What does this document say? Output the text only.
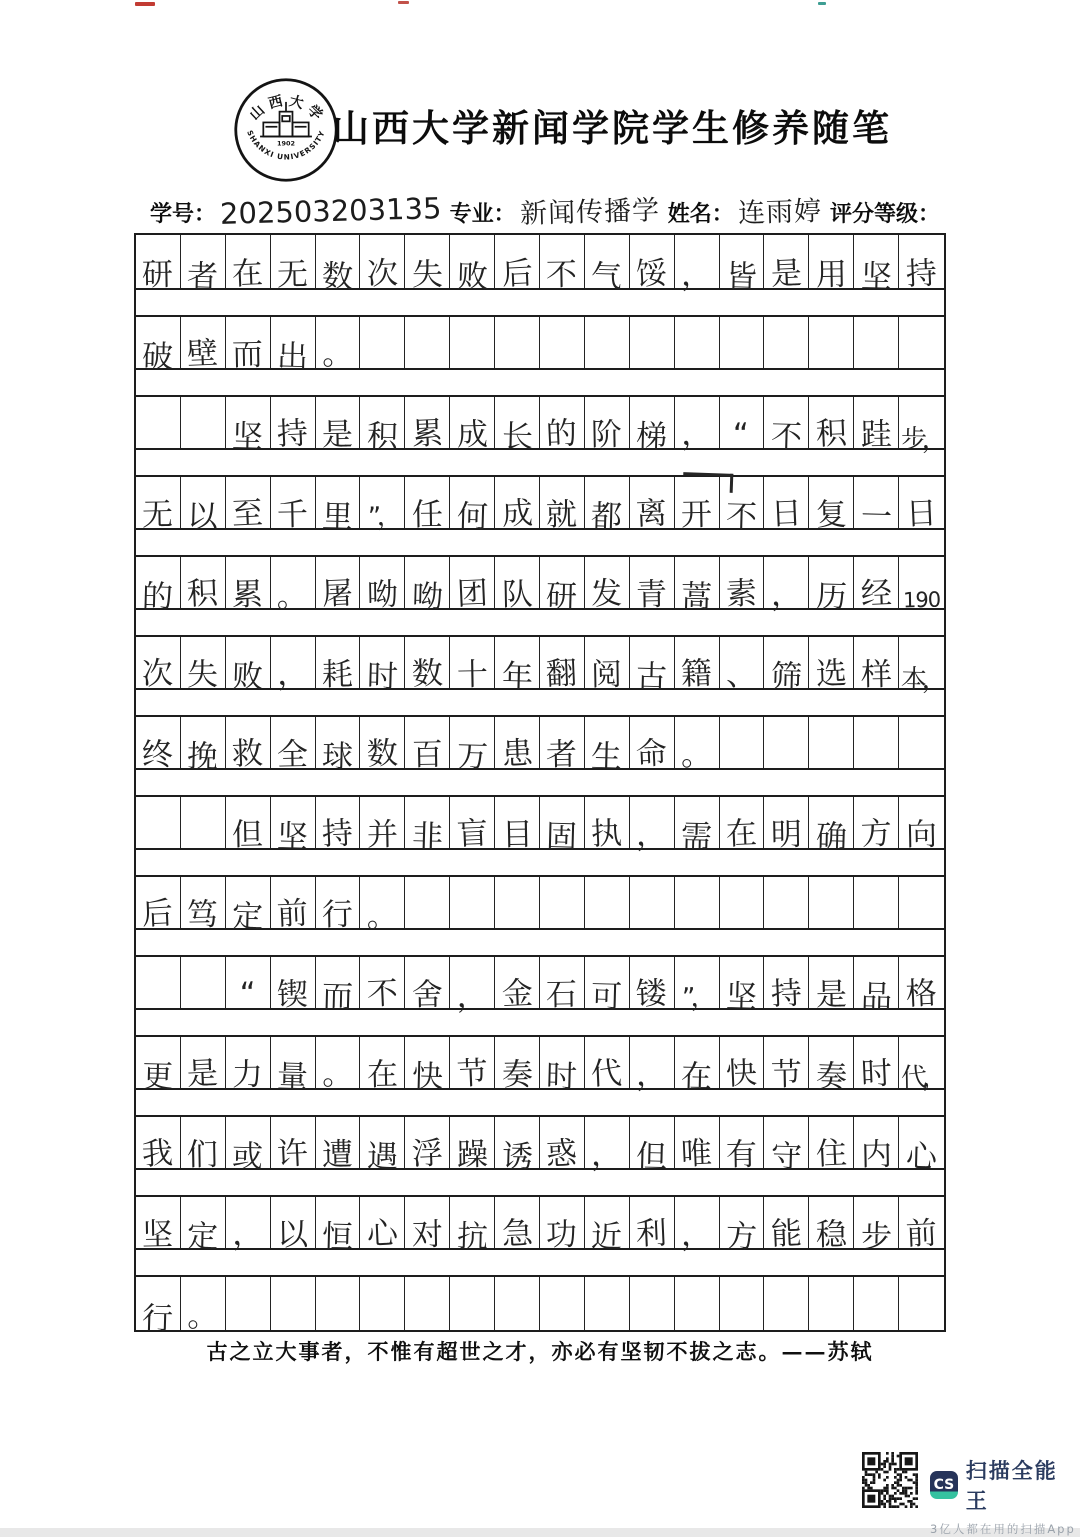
山 西 大 学
SHANXI UNIVERSITY
1902 山西大学新闻学院学生修养随笔
学号： 202503203135 专业： 新闻传播学 姓名： 连雨婷 评分等级：
研 者 在 无 数 次 失 败 后 不 气 馁 ， 皆 是 用 坚 持
破 壁 而 出 。
坚 持 是 积 累 成 长 的 阶 梯 ， “ 不 积 跬 步，
无 以 至 千 里 ”， 任 何 成 就 都 离 开 不 日 复 一 日
的 积 累 。 屠 呦 呦 团 队 研 发 青 蒿 素 ， 历 经 190
次 失 败 ， 耗 时 数 十 年 翻 阅 古 籍 、 筛 选 样 本，
终 挽 救 全 球 数 百 万 患 者 生 命 。
但 坚 持 并 非 盲 目 固 执 ， 需 在 明 确 方 向
后 笃 定 前 行 。
“ 锲 而 不 舍 ， 金 石 可 镂 ”， 坚 持 是 品 格
更 是 力 量 。 在 快 节 奏 时 代 ， 在 快 节 奏 时 代，
我 们 或 许 遭 遇 浮 躁 诱 惑 ， 但 唯 有 守 住 内 心
坚 定 ， 以 恒 心 对 抗 急 功 近 利 ， 方 能 稳 步 前
行 。
古之立大事者，不惟有超世之才，亦必有坚韧不拔之志。——苏轼
CS
扫描全能王
3亿人都在用的扫描App
